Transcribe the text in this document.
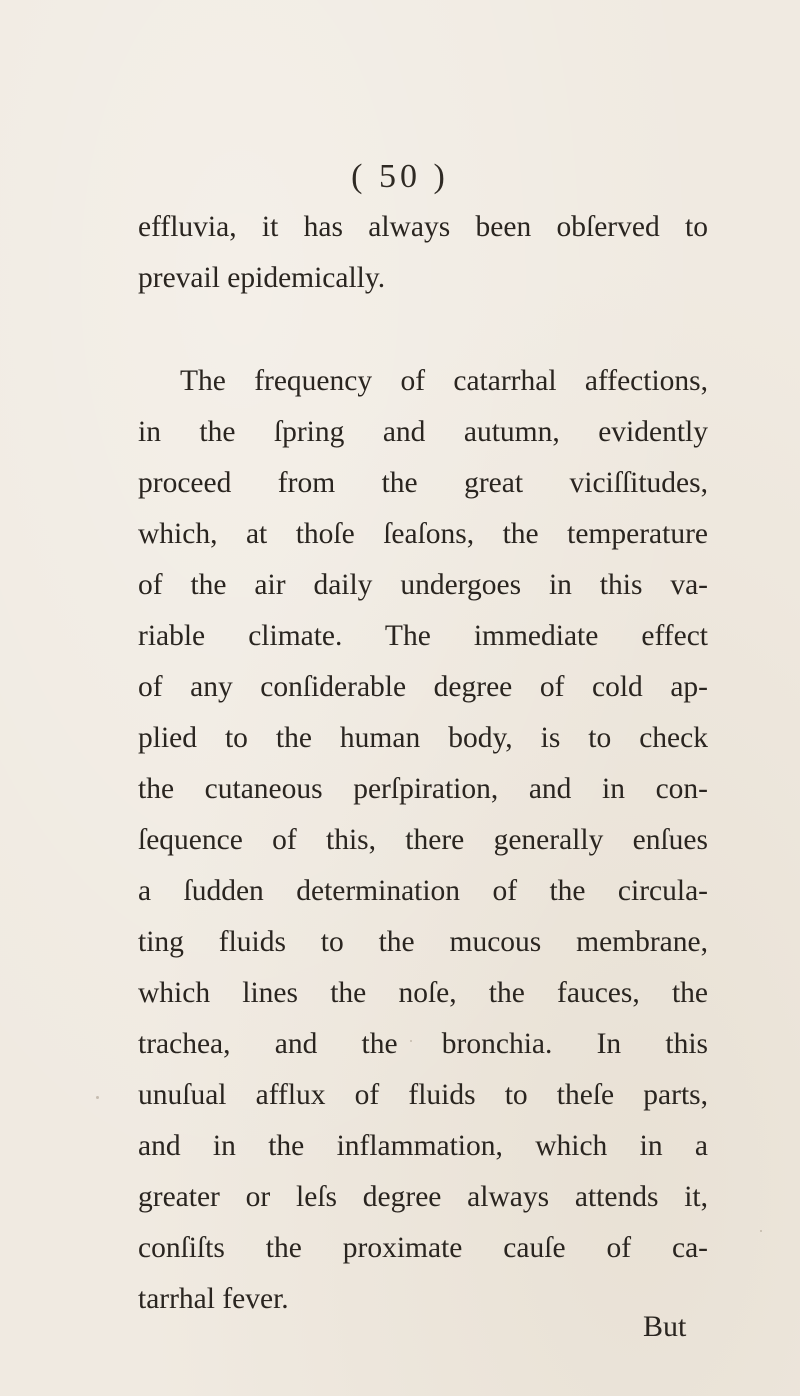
( 50 )
effluvia, it has always been obſerved to
prevail epidemically.
The frequency of catarrhal affections,
in the ſpring and autumn, evidently
proceed from the great viciſſitudes,
which, at thoſe ſeaſons, the temperature
of the air daily undergoes in this va-
riable climate. The immediate effect
of any conſiderable degree of cold ap-
plied to the human body, is to check
the cutaneous perſpiration, and in con-
ſequence of this, there generally enſues
a ſudden determination of the circula-
ting fluids to the mucous membrane,
which lines the noſe, the fauces, the
trachea, and the bronchia. In this
unuſual afflux of fluids to theſe parts,
and in the inflammation, which in a
greater or leſs degree always attends it,
conſiſts the proximate cauſe of ca-
tarrhal fever.
But
